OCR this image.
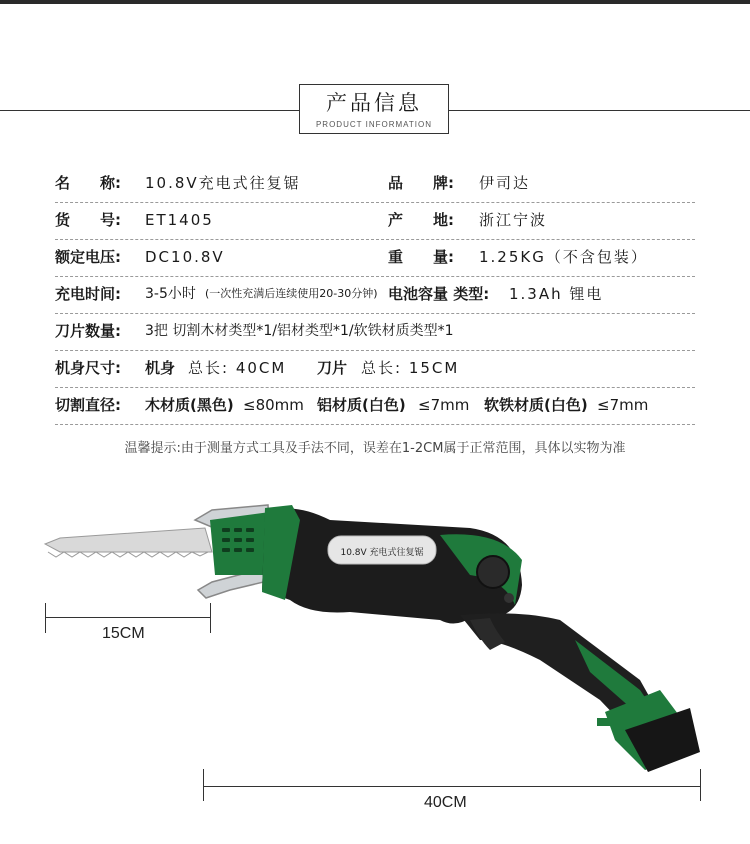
产品信息
PRODUCT INFORMATION
名　　称: 10.8V充电式往复锯	品　　牌: 伊司达
货　　号: ET1405	产　　地: 浙江宁波
额定电压: DC10.8V	重　　量: 1.25KG（不含包装）
充电时间: 3-5小时 (一次性充满后连续使用20-30分钟) 电池容量 类型: 1.3Ah 锂电
刀片数量: 3把 切割木材类型*1/铝材类型*1/软铁材质类型*1
机身尺寸: 机身 总长: 40CM 刀片 总长: 15CM
切割直径: 木材质(黑色) ≤80mm 铝材质(白色) ≤7mm 软铁材质(白色) ≤7mm
温馨提示:由于测量方式工具及手法不同，误差在1-2CM属于正常范围，具体以实物为准
10.8V 充电式往复锯
15CM
40CM
